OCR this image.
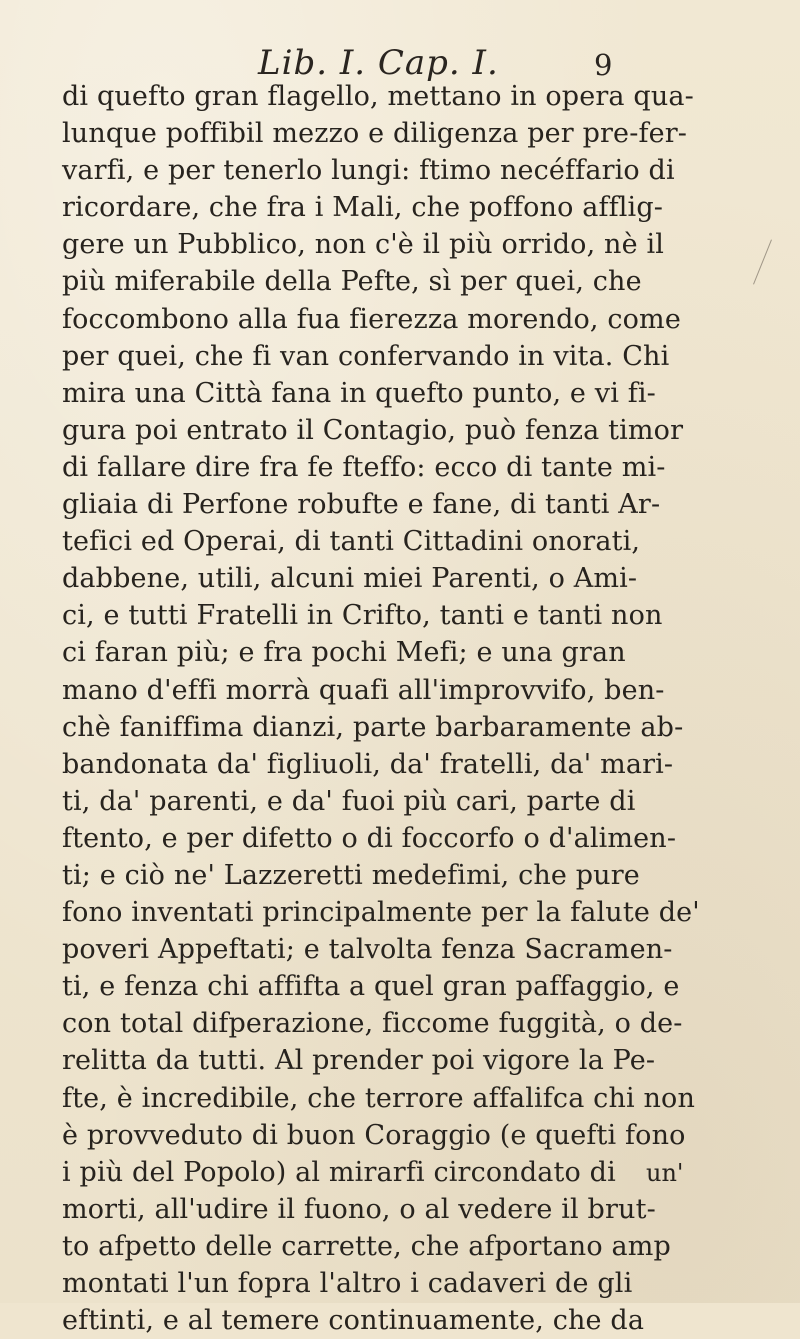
Lib. I. Cap. I.	9
di quefto gran flagello, mettano in opera qua-
lunque poffibil mezzo e diligenza per pre-fer-
varfi, e per tenerlo lungi: ftimo necéffario di
ricordare, che fra i Mali, che poffono afflig-
gere un Pubblico, non c'è il più orrido, nè il
più miferabile della Pefte, sì per quei, che
foccombono alla fua fierezza morendo, come
per quei, che fi van confervando in vita. Chi
mira una Città fana in quefto punto, e vi fi-
gura poi entrato il Contagio, può fenza timor
di fallare dire fra fe fteffo: ecco di tante mi-
gliaia di Perfone robufte e fane, di tanti Ar-
tefici ed Operai, di tanti Cittadini onorati,
dabbene, utili, alcuni miei Parenti, o Ami-
ci, e tutti Fratelli in Crifto, tanti e tanti non
ci faran più; e fra pochi Mefi; e una gran
mano d'effi morrà quafi all'improvvifo, ben-
chè faniffima dianzi, parte barbaramente ab-
bandonata da' figliuoli, da' fratelli, da' mari-
ti, da' parenti, e da' fuoi più cari, parte di
ftento, e per difetto o di foccorfo o d'alimen-
ti; e ciò ne' Lazzeretti medefimi, che pure
fono inventati principalmente per la falute de'
poveri Appeftati; e talvolta fenza Sacramen-
ti, e fenza chi affifta a quel gran paffaggio, e
con total difperazione, ficcome fuggità, o de-
relitta da tutti. Al prender poi vigore la Pe-
fte, è incredibile, che terrore affalifca chi non
è provveduto di buon Coraggio (e quefti fono
i più del Popolo) al mirarfi circondato di
morti, all'udire il fuono, o al vedere il brut-
to afpetto delle carrette, che afportano amp
montati l'un fopra l'altro i cadaveri de gli
eftinti, e al temere continuamente, che da
un'
